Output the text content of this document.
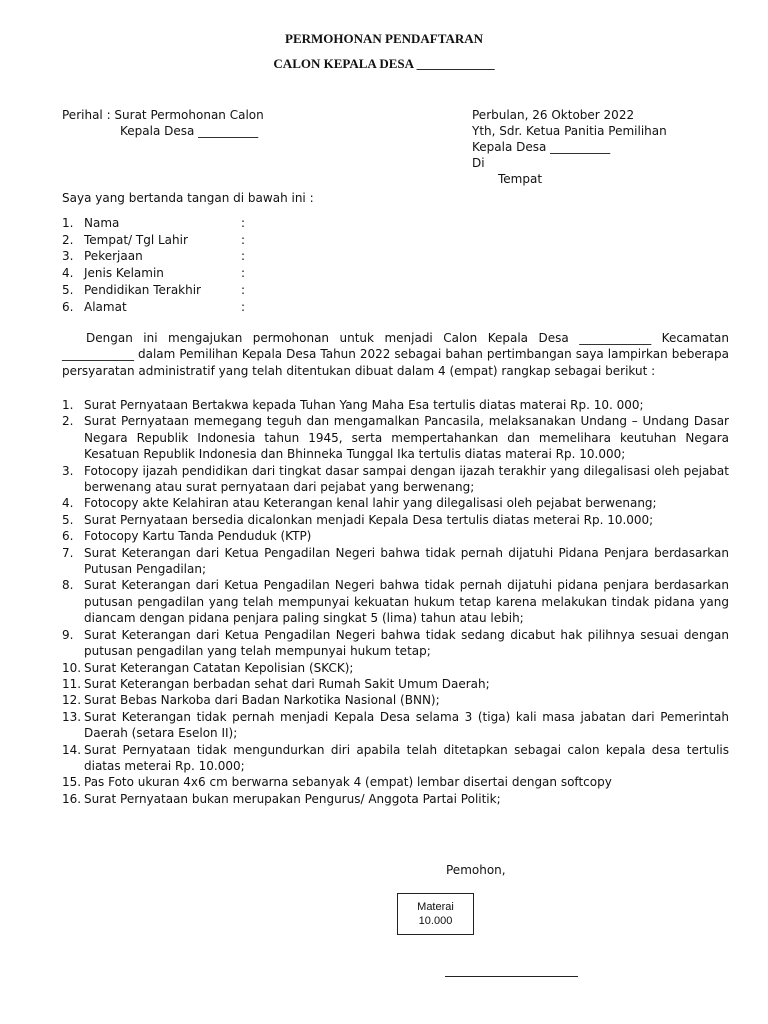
PERMOHONAN PENDAFTARAN
CALON KEPALA DESA ____________
Perihal : Surat Permohonan Calon
Kepala Desa __________
Perbulan, 26 Oktober 2022
Yth, Sdr. Ketua Panitia Pemilihan
Kepala Desa __________
Di
Tempat
Saya yang bertanda tangan di bawah ini :
1. Nama	:
2. Tempat/ Tgl Lahir	:
3. Pekerjaan	:
4. Jenis Kelamin	:
5. Pendidikan Terakhir	:
6. Alamat	:

Dengan ini mengajukan permohonan untuk menjadi Calon Kepala Desa ____________ Kecamatan ____________ dalam Pemilihan Kepala Desa Tahun 2022 sebagai bahan pertimbangan saya lampirkan beberapa persyaratan administratif yang telah ditentukan dibuat dalam 4 (empat) rangkap sebagai berikut :

1. Surat Pernyataan Bertakwa kepada Tuhan Yang Maha Esa tertulis diatas materai Rp. 10. 000;
2. Surat Pernyataan memegang teguh dan mengamalkan Pancasila, melaksanakan Undang – Undang Dasar Negara Republik Indonesia tahun 1945, serta mempertahankan dan memelihara keutuhan Negara Kesatuan Republik Indonesia dan Bhinneka Tunggal Ika tertulis diatas materai Rp. 10.000;
3. Fotocopy ijazah pendidikan dari tingkat dasar sampai dengan ijazah terakhir yang dilegalisasi oleh pejabat berwenang atau surat pernyataan dari pejabat yang berwenang;
4. Fotocopy akte Kelahiran atau Keterangan kenal lahir yang dilegalisasi oleh pejabat berwenang;
5. Surat Pernyataan bersedia dicalonkan menjadi Kepala Desa tertulis diatas meterai Rp. 10.000;
6. Fotocopy Kartu Tanda Penduduk (KTP)
7. Surat Keterangan dari Ketua Pengadilan Negeri bahwa tidak pernah dijatuhi Pidana Penjara berdasarkan Putusan Pengadilan;
8. Surat Keterangan dari Ketua Pengadilan Negeri bahwa tidak pernah dijatuhi pidana penjara berdasarkan putusan pengadilan yang telah mempunyai kekuatan hukum tetap karena melakukan tindak pidana yang diancam dengan pidana penjara paling singkat 5 (lima) tahun atau lebih;
9. Surat Keterangan dari Ketua Pengadilan Negeri bahwa tidak sedang dicabut hak pilihnya sesuai dengan putusan pengadilan yang telah mempunyai hukum tetap;
10. Surat Keterangan Catatan Kepolisian (SKCK);
11. Surat Keterangan berbadan sehat dari Rumah Sakit Umum Daerah;
12. Surat Bebas Narkoba dari Badan Narkotika Nasional (BNN);
13. Surat Keterangan tidak pernah menjadi Kepala Desa selama 3 (tiga) kali masa jabatan dari Pemerintah Daerah (setara Eselon II);
14. Surat Pernyataan tidak mengundurkan diri apabila telah ditetapkan sebagai calon kepala desa tertulis diatas meterai Rp. 10.000;
15. Pas Foto ukuran 4x6 cm berwarna sebanyak 4 (empat) lembar disertai dengan softcopy
16. Surat Pernyataan bukan merupakan Pengurus/ Anggota Partai Politik;
Pemohon,
Materai
10.000
